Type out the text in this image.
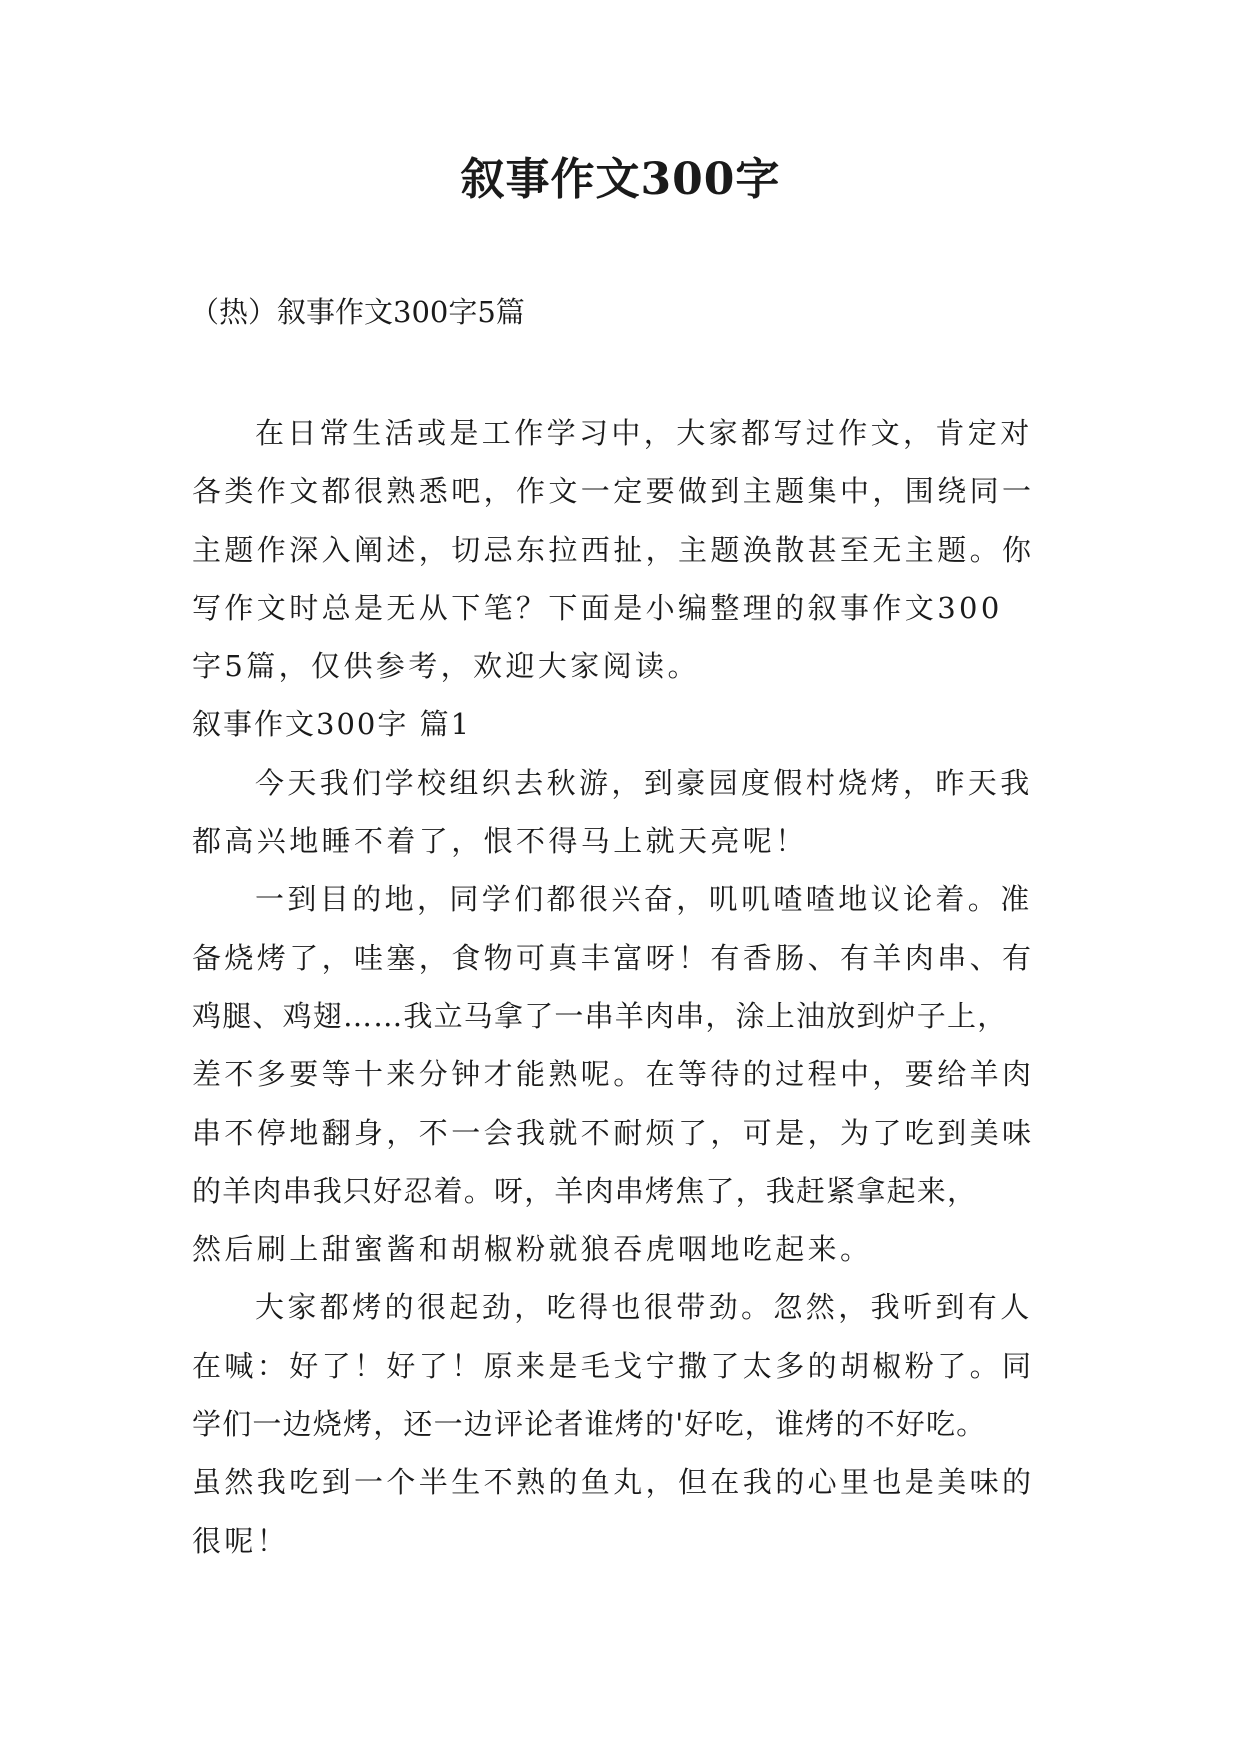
叙事作文300字

（热）叙事作文300字5篇

在日常生活或是工作学习中，大家都写过作文，肯定对
各类作文都很熟悉吧，作文一定要做到主题集中，围绕同一
主题作深入阐述，切忌东拉西扯，主题涣散甚至无主题。你
写作文时总是无从下笔？下面是小编整理的叙事作文300
字5篇，仅供参考，欢迎大家阅读。
叙事作文300字 篇1
今天我们学校组织去秋游，到豪园度假村烧烤，昨天我
都高兴地睡不着了，恨不得马上就天亮呢！
一到目的地，同学们都很兴奋，叽叽喳喳地议论着。准
备烧烤了，哇塞，食物可真丰富呀！有香肠、有羊肉串、有
鸡腿、鸡翅……我立马拿了一串羊肉串，涂上油放到炉子上，
差不多要等十来分钟才能熟呢。在等待的过程中，要给羊肉
串不停地翻身，不一会我就不耐烦了，可是，为了吃到美味
的羊肉串我只好忍着。呀，羊肉串烤焦了，我赶紧拿起来，
然后刷上甜蜜酱和胡椒粉就狼吞虎咽地吃起来。
大家都烤的很起劲，吃得也很带劲。忽然，我听到有人
在喊：好了！好了！原来是毛戈宁撒了太多的胡椒粉了。同
学们一边烧烤，还一边评论者谁烤的'好吃，谁烤的不好吃。
虽然我吃到一个半生不熟的鱼丸，但在我的心里也是美味的
很呢！
